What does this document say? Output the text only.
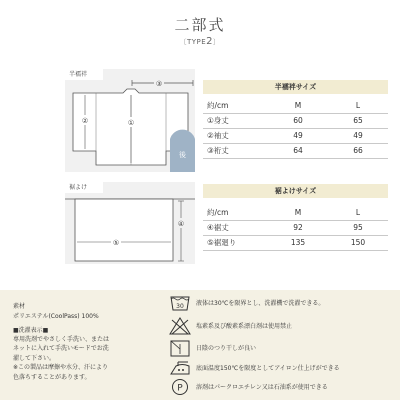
二部式
〔TYPE2〕
半襦袢
③
②	①
後
半襦袢サイズ
約/cm	M	L
①身丈	60	65
②袖丈	49	49
③裄丈	64	66
裾よけ
⑤
④
裾よけサイズ
約/cm	M	L
④裾丈	92	95
⑤裾廻り	135	150
素材
ポリエステル(CoolPass) 100%
■洗濯表示■
専用洗剤でやさしく手洗い、または
ネットに入れて手洗いモードでお洗
濯して下さい。
※この製品は摩擦や水分、汗により
色落ちすることがあります。
30 液体は30℃を限界とし、洗濯機で洗濯できる。
塩素系及び酸素系漂白剤は使用禁止
日陰のつり干しが良い
底面温度150℃を限度としてアイロン仕上げができる
P 溶剤はパークロエチレン又は石油系が使用できる
